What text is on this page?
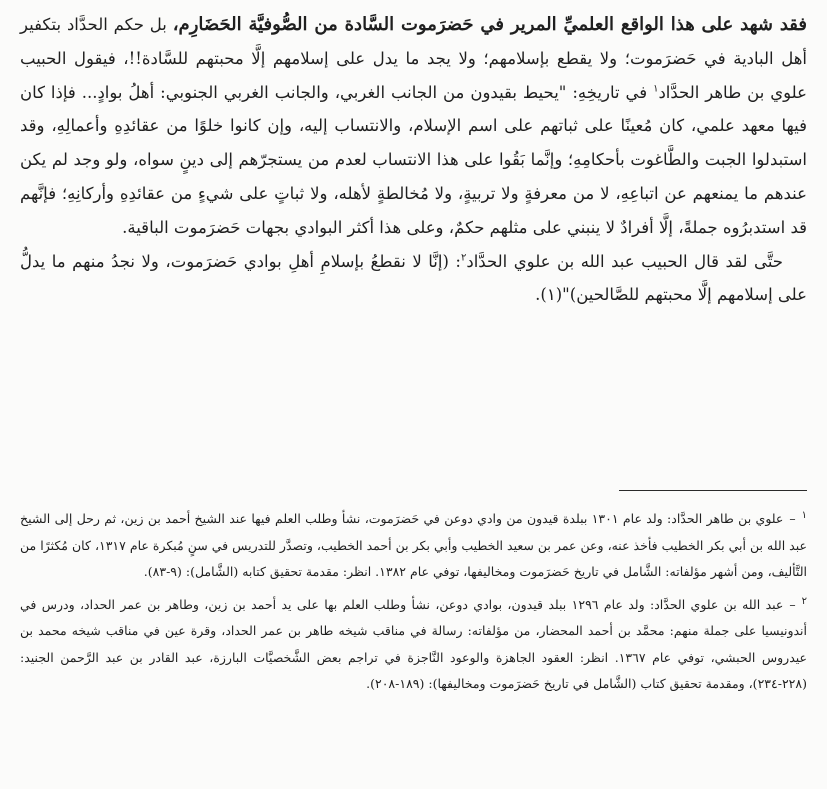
فقد شهد على هذا الواقع العلميِّ المرير في حَضرَموت السَّادة من الصُّوفيَّة الحَضَارِم، بل حكم الحدَّاد بتكفير أهل البادية في حَضرَموت؛ ولا يقطع بإسلامهم؛ ولا يجد ما يدل على إسلامهم إلَّا محبتهم للسَّادة!!، فيقول الحبيب علوي بن طاهر الحدَّاد$^١$ في تاريخِهِ: "يحيط بقيدون من الجانب الغربي، والجانب الغربي الجنوبي: أهلُ بوادٍ... فإذا كان فيها معهد علمي، كان مُعينًا على ثباتهم على اسم الإسلام، والانتساب إليه، وإن كانوا خلوًا من عقائدِهِ وأعمالِهِ، وقد استبدلوا الجبت والطَّاغوت بأحكامِهِ؛ وإنَّما بَقُوا على هذا الانتساب لعدم من يستجرّهم إلى دينٍ سواه، ولو وجد لم يكن عندهم ما يمنعهم عن اتباعِهِ، لا من معرفةٍ ولا تربيةٍ، ولا مُخالطةٍ لأهله، ولا ثباتٍ على شيءٍ من عقائدِهِ وأركانِهِ؛ فإنَّهم قد استدبرُوه جملةً، إلَّا أفرادٌ لا ينبني على مثلهم حكمٌ، وعلى هذا أكثر البوادي بجهات حَضرَموت الباقية.

حتَّى لقد قال الحبيب عبد الله بن علوي الحدَّاد$^٢$: (إنَّا لا نقطعُ بإسلامِ أهلِ بوادي حَضرَموت، ولا نجدُ منهم ما يدلُّ على إسلامهم إلَّا محبتهم للصَّالحين)"(١).

$^١$–علوي بن طاهر الحدَّاد: ولد عام ١٣٠١ ببلدة قيدون من وادي دوعن في حَضرَموت، نشأ وطلب العلم فيها عند الشيخ أحمد بن زين، ثم رحل إلى الشيخ عبد الله بن أبي بكر الخطيب فأخذ عنه، وعن عمر بن سعيد الخطيب وأبي بكر بن أحمد الخطيب، وتصدَّر للتدريس في سنٍ مُبكرة عام ١٣١٧، كان مُكثرًا من التَّأليف، ومن أشهر مؤلفاته: الشَّامل في تاريخ حَضرَموت ومخاليفها، توفي عام ١٣٨٢. انظر: مقدمة تحقيق كتابه (الشَّامل): (٩-٨٣).

$^٢$–عبد الله بن علوي الحدَّاد: ولد عام ١٢٩٦ ببلد قيدون، بوادي دوعن، نشأ وطلب العلم بها على يد أحمد بن زين، وطاهر بن عمر الحداد، ودرس في أندونيسيا على جملة منهم: محمَّد بن أحمد المحضار، من مؤلفاته: رسالة في مناقب شيخه طاهر بن عمر الحداد، وقرة عين في مناقب شيخه محمد بن عيدروس الحبشي، توفي عام ١٣٦٧. انظر: العقود الجاهزة والوعود النَّاجزة في تراجم بعض الشَّخصيَّات البارزة، عبد القادر بن عبد الرَّحمن الجنيد: (٢٢٨-٢٣٤)، ومقدمة تحقيق كتاب (الشَّامل في تاريخ حَضرَموت ومخاليفها): (١٨٩-٢٠٨).
